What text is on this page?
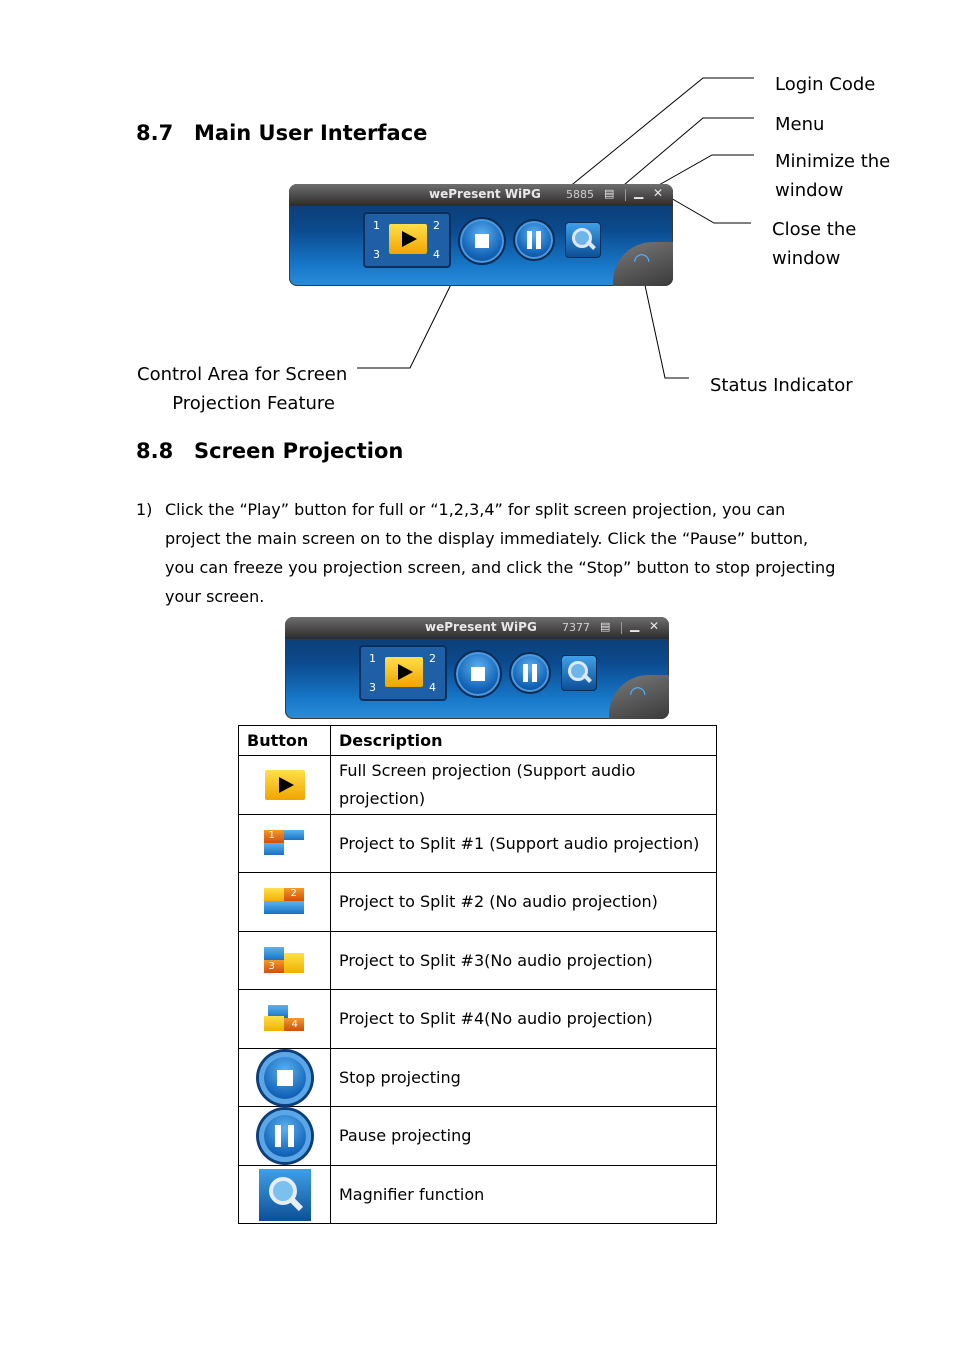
8.7 Main User Interface
wePresent WiPG 5885 ▤ ▁ ✕
1	2
3	4	◠
Login Code
Menu
Minimize the
window
Close the
window
Control Area for Screen
Projection Feature
Status Indicator
8.8 Screen Projection
1) Click the “Play” button for full or “1,2,3,4” for split screen projection, you can
project the main screen on to the display immediately. Click the “Pause” button,
you can freeze you projection screen, and click the “Stop” button to stop projecting
your screen.
wePresent WiPG 7377 ▤ ▁ ✕
1	2
3	4	◠
Button	Description
	Full Screen projection (Support audio projection)

1	Project to Split #1 (Support audio projection)

2	Project to Split #2 (No audio projection)

3	Project to Split #3(No audio projection)

4	Project to Split #4(No audio projection)

	Stop projecting

	Pause projecting

	Magnifier function
